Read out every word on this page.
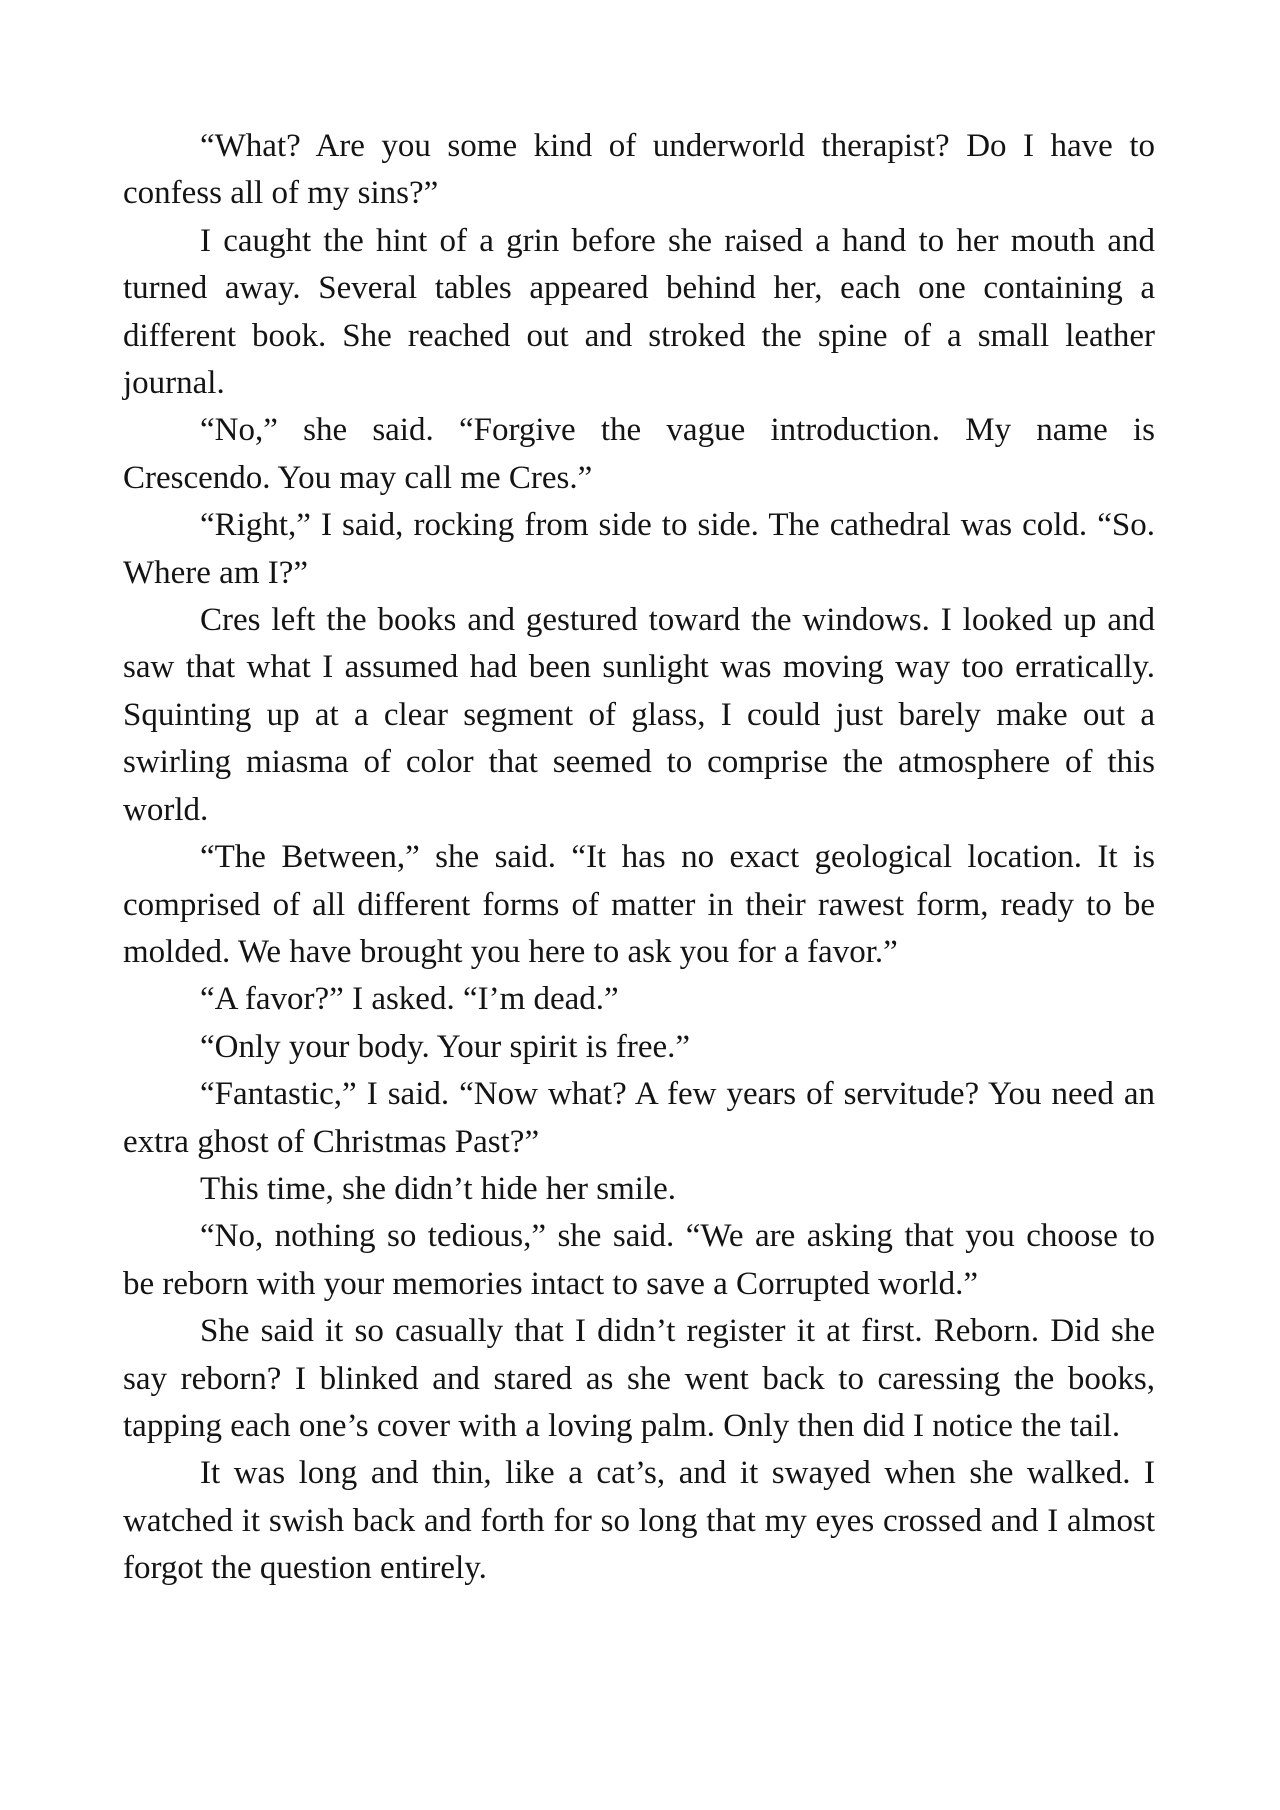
“What? Are you some kind of underworld therapist? Do I have to confess all of my sins?”

I caught the hint of a grin before she raised a hand to her mouth and turned away. Several tables appeared behind her, each one containing a different book. She reached out and stroked the spine of a small leather journal.

“No,” she said. “Forgive the vague introduction. My name is Crescendo. You may call me Cres.”

“Right,” I said, rocking from side to side. The cathedral was cold. “So. Where am I?”

Cres left the books and gestured toward the windows. I looked up and saw that what I assumed had been sunlight was moving way too erratically. Squinting up at a clear segment of glass, I could just barely make out a swirling miasma of color that seemed to comprise the atmosphere of this world.

“The Between,” she said. “It has no exact geological location. It is comprised of all different forms of matter in their rawest form, ready to be molded. We have brought you here to ask you for a favor.”

“A favor?” I asked. “I’m dead.”

“Only your body. Your spirit is free.”

“Fantastic,” I said. “Now what? A few years of servitude? You need an extra ghost of Christmas Past?”

This time, she didn’t hide her smile.

“No, nothing so tedious,” she said. “We are asking that you choose to be reborn with your memories intact to save a Corrupted world.”

She said it so casually that I didn’t register it at first. Reborn. Did she say reborn? I blinked and stared as she went back to caressing the books, tapping each one’s cover with a loving palm. Only then did I notice the tail.

It was long and thin, like a cat’s, and it swayed when she walked. I watched it swish back and forth for so long that my eyes crossed and I almost forgot the question entirely.
